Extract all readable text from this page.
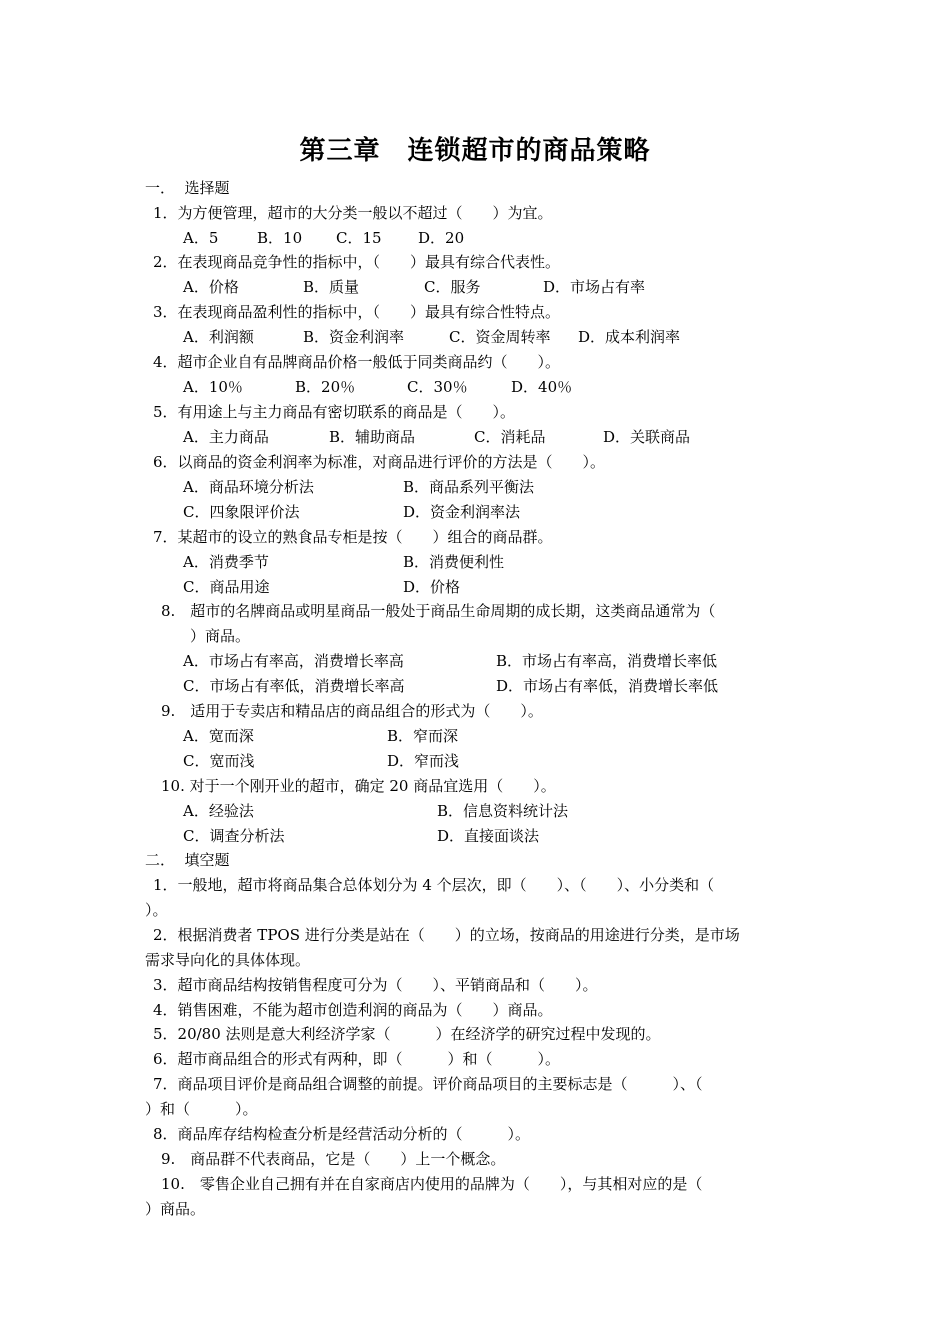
第三章　连锁超市的商品策略
一．  选择题
1．为方便管理，超市的大分类一般以不超过（　　）为宜。
A．5	B．10 C．15 D．20
2．在表现商品竞争性的指标中，（　　）最具有综合代表性。
A．价格	B．质量	C．服务	D．市场占有率
3．在表现商品盈利性的指标中，（　　）最具有综合性特点。
A．利润额	B．资金利润率	C．资金周转率 D．成本利润率
4．超市企业自有品牌商品价格一般低于同类商品约（　　）。
A．10％	B．20％	C．30％	D．40％
5．有用途上与主力商品有密切联系的商品是（　　）。
A．主力商品	B．辅助商品	C．消耗品	D．关联商品
6．以商品的资金利润率为标准，对商品进行评价的方法是（　　）。
A．商品环境分析法	B．商品系列平衡法
C．四象限评价法	D．资金利润率法
7．某超市的设立的熟食品专柜是按（　　）组合的商品群。
A．消费季节	B．消费便利性
C．商品用途	D．价格
8.　超市的名牌商品或明星商品一般处于商品生命周期的成长期，这类商品通常为（
）商品。
A．市场占有率高，消费增长率高	B．市场占有率高，消费增长率低
C．市场占有率低，消费增长率高	D．市场占有率低，消费增长率低
9.　适用于专卖店和精品店的商品组合的形式为（　　）。
A．宽而深	B．窄而深
C．宽而浅	D．窄而浅
10. 对于一个刚开业的超市，确定 20 商品宜选用（　　）。
A．经验法	B．信息资料统计法
C．调查分析法	D．直接面谈法
二．  填空题
1．一般地，超市将商品集合总体划分为 4 个层次，即（　　）、（　　）、小分类和（
）。
2．根据消费者 TPOS 进行分类是站在（　　）的立场，按商品的用途进行分类，是市场
需求导向化的具体体现。
3．超市商品结构按销售程度可分为（　　）、平销商品和（　　）。
4．销售困难，不能为超市创造利润的商品为（　　）商品。
5．20/80 法则是意大利经济学家（　　　）在经济学的研究过程中发现的。
6．超市商品组合的形式有两种，即（　　　）和（　　　）。
7．商品项目评价是商品组合调整的前提。评价商品项目的主要标志是（　　　）、（
）和（　　　）。
8．商品库存结构检查分析是经营活动分析的（　　　）。
9.　商品群不代表商品，它是（　　）上一个概念。
10.　零售企业自己拥有并在自家商店内使用的品牌为（　　），与其相对应的是（
）商品。
